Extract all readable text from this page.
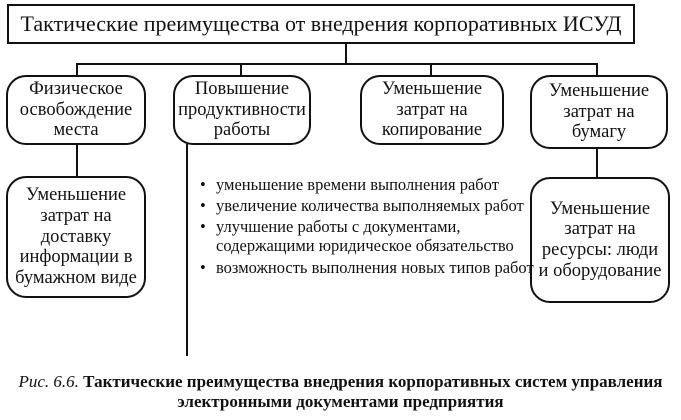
Тактические преимущества от внедрения корпоративных ИСУД
Физическое освобождение места
Повышение продуктивности работы
Уменьшение затрат на копирование
Уменьшение затрат на бумагу
Уменьшение затрат на доставку информации в бумажном виде
Уменьшение затрат на ресурсы: люди и оборудование
• уменьшение времени выполнения работ
• увеличение количества выполняемых работ
• улучшение работы с документами, содержащими юридическое обязательство
• возможность выполнения новых типов работ
Рис. 6.6. Тактические преимущества внедрения корпоративных систем управления электронными документами предприятия
